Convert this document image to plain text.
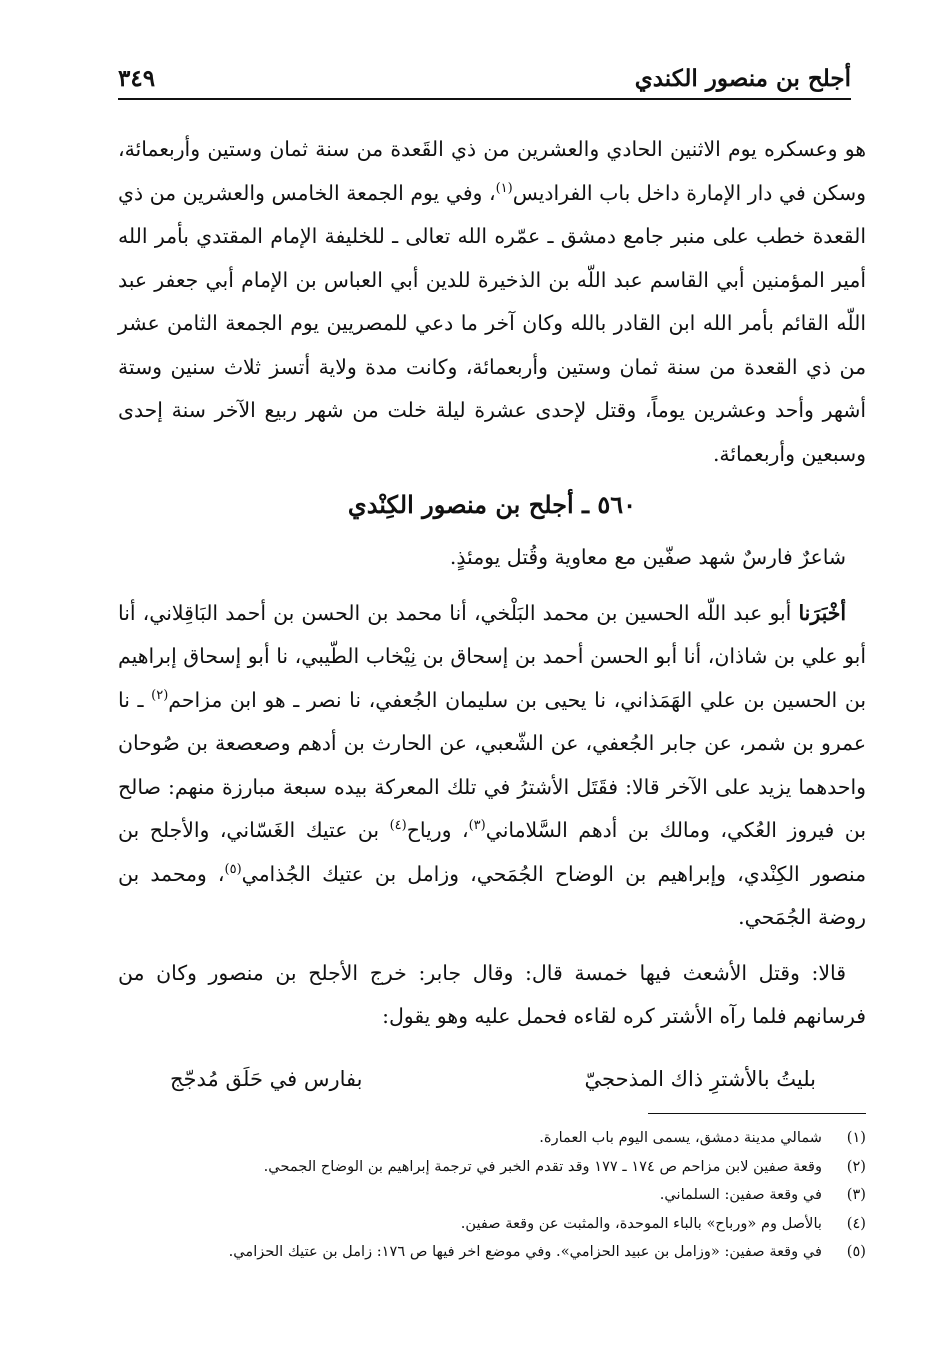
أجلح بن منصور الكندي
٣٤٩

هو وعسكره يوم الاثنين الحادي والعشرين من ذي القَعدة من سنة ثمان وستين وأربعمائة، وسكن في دار الإمارة داخل باب الفراديس$^{(١)}$، وفي يوم الجمعة الخامس والعشرين من ذي القعدة خطب على منبر جامع دمشق ـ عمّره الله تعالى ـ للخليفة الإمام المقتدي بأمر الله أمير المؤمنين أبي القاسم عبد اللّه بن الذخيرة للدين أبي العباس بن الإمام أبي جعفر عبد اللّه القائم بأمر الله ابن القادر بالله وكان آخر ما دعي للمصريين يوم الجمعة الثامن عشر من ذي القعدة من سنة ثمان وستين وأربعمائة، وكانت مدة ولاية أتسز ثلاث سنين وستة أشهر وأحد وعشرين يوماً، وقتل لإحدى عشرة ليلة خلت من شهر ربيع الآخر سنة إحدى وسبعين وأربعمائة.

٥٦٠ ـ أجلح بن منصور الكِنْدي

شاعرٌ فارسٌ شهد صفّين مع معاوية وقُتل يومئذٍ.

أخْبَرَنا أبو عبد اللّه الحسين بن محمد البَلْخي، أنا محمد بن الحسن بن أحمد البَاقِلاني، أنا أبو علي بن شاذان، أنا أبو الحسن أحمد بن إسحاق بن نِيْخاب الطّيبي، نا أبو إسحاق إبراهيم بن الحسين بن علي الهَمَذاني، نا يحيى بن سليمان الجُعفي، نا نصر ـ هو ابن مزاحم$^{(٢)}$ ـ نا عمرو بن شمر، عن جابر الجُعفي، عن الشّعبي، عن الحارث بن أدهم وصعصعة بن صُوحان واحدهما يزيد على الآخر قالا: فقَتَل الأشترُ في تلك المعركة بيده سبعة مبارزة منهم: صالح بن فيروز العُكي، ومالك بن أدهم السَّلاماني$^{(٣)}$، ورياح$^{(٤)}$ بن عتيك الغَسّاني، والأجلح بن منصور الكِنْدي، وإبراهيم بن الوضاح الجُمَحي، وزامل بن عتيك الجُذامي$^{(٥)}$، ومحمد بن روضة الجُمَحي.

قالا: وقتل الأشعث فيها خمسة قال: وقال جابر: خرج الأجلح بن منصور وكان من فرسانهم فلما رآه الأشتر كره لقاءه فحمل عليه وهو يقول:

بليتُ بالأشترِ ذاك المذحجيّ
بفارس في حَلَق مُدجّج
(١)شمالي مدينة دمشق، يسمى اليوم باب العمارة.
(٢)وقعة صفين لابن مزاحم ص ١٧٤ ـ ١٧٧ وقد تقدم الخبر في ترجمة إبراهيم بن الوضاح الجمحي.
(٣)في وقعة صفين: السلماني.
(٤)بالأصل وم «ورباح» بالباء الموحدة، والمثبت عن وقعة صفين.
(٥)في وقعة صفين: «وزامل بن عبيد الحزامي». وفي موضع اخر فيها ص ١٧٦: زامل بن عتيك الحزامي.
